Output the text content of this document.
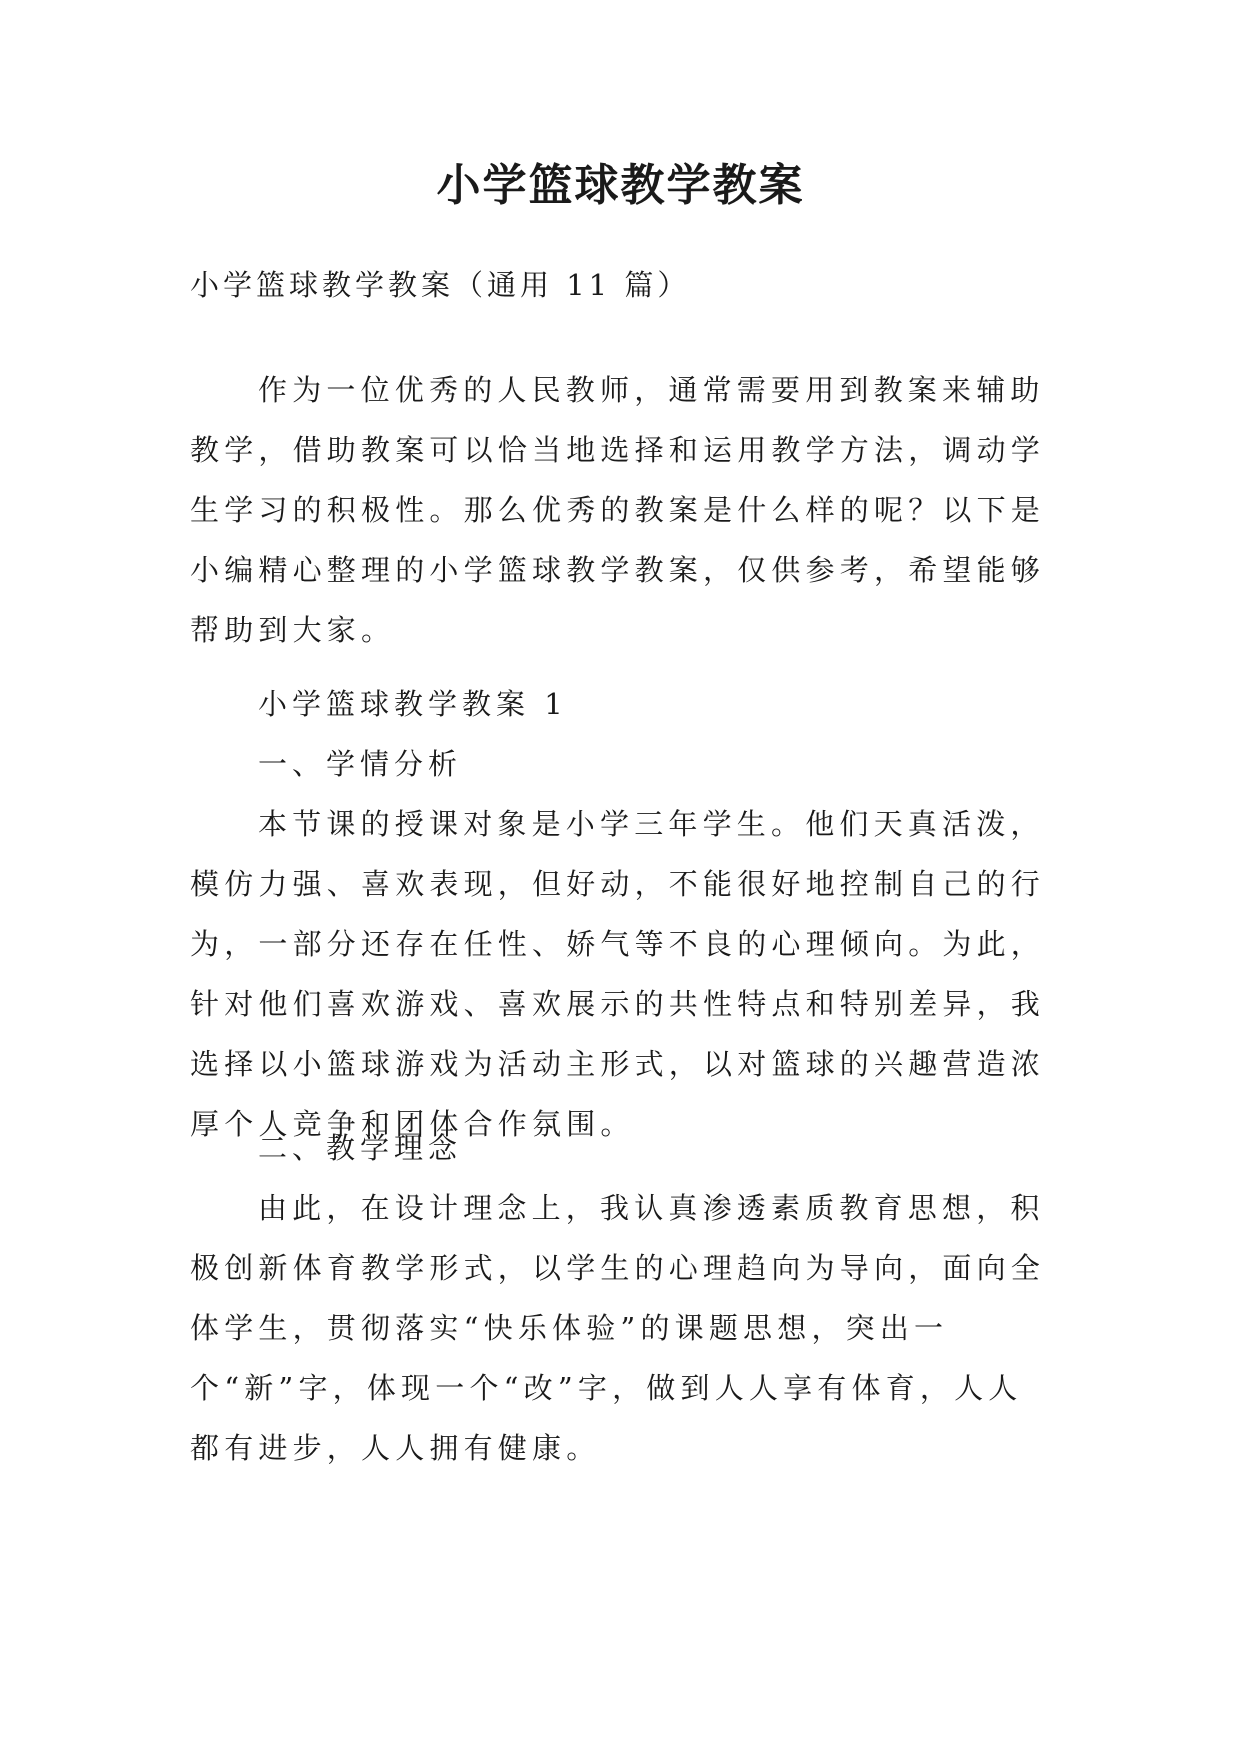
小学篮球教学教案
小学篮球教学教案（通用 11 篇）

作为一位优秀的人民教师，通常需要用到教案来辅助教学，借助教案可以恰当地选择和运用教学方法，调动学生学习的积极性。那么优秀的教案是什么样的呢？以下是小编精心整理的小学篮球教学教案，仅供参考，希望能够帮助到大家。

小学篮球教学教案 1
一、学情分析

本节课的授课对象是小学三年学生。他们天真活泼，模仿力强、喜欢表现，但好动，不能很好地控制自己的行为，一部分还存在任性、娇气等不良的心理倾向。为此，针对他们喜欢游戏、喜欢展示的共性特点和特别差异，我选择以小篮球游戏为活动主形式，以对篮球的兴趣营造浓厚个人竞争和团体合作氛围。

二、教学理念

由此，在设计理念上，我认真渗透素质教育思想，积极创新体育教学形式，以学生的心理趋向为导向，面向全体学生，贯彻落实“快乐体验”的课题思想，突出一个“新”字，体现一个“改”字，做到人人享有体育，人人都有进步，人人拥有健康。
